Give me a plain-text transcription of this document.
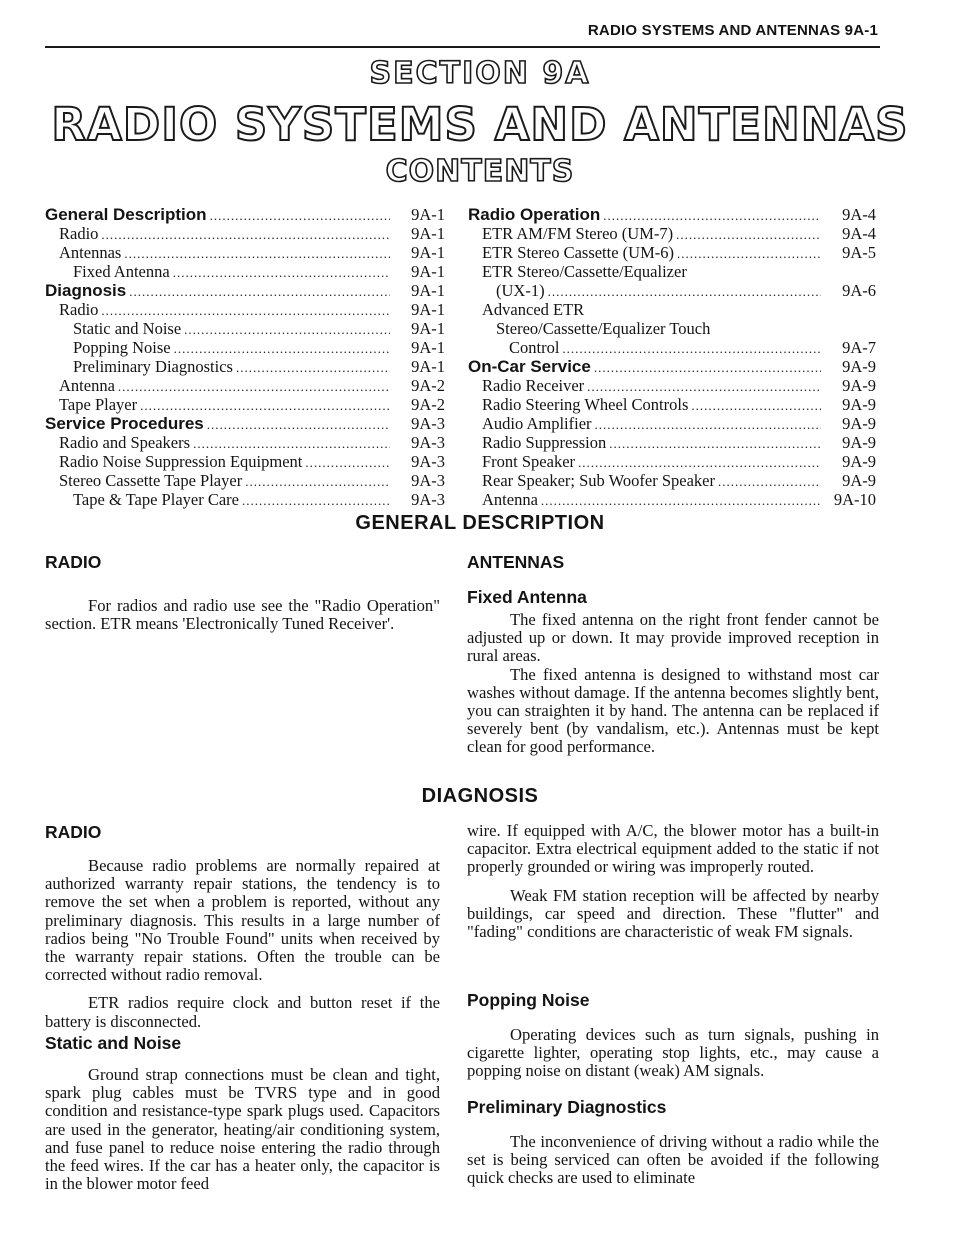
RADIO SYSTEMS AND ANTENNAS 9A-1
SECTION 9A
RADIO SYSTEMS AND ANTENNAS
CONTENTS
General Description .....	9A-1
Radio .....	9A-1
Antennas .....	9A-1
Fixed Antenna .....	9A-1
Diagnosis .....	9A-1
Radio .....	9A-1
Static and Noise .....	9A-1
Popping Noise .....	9A-1
Preliminary Diagnostics .....	9A-1
Antenna .....	9A-2
Tape Player .....	9A-2
Service Procedures .....	9A-3
Radio and Speakers .....	9A-3
Radio Noise Suppression Equipment .....	9A-3
Stereo Cassette Tape Player .....	9A-3
Tape & Tape Player Care .....	9A-3
Radio Operation .....	9A-4
ETR AM/FM Stereo (UM-7) .....	9A-4
ETR Stereo Cassette (UM-6) .....	9A-5
ETR Stereo/Cassette/Equalizer
(UX-1) .....	9A-6
Advanced ETR
Stereo/Cassette/Equalizer Touch
Control .....	9A-7
On-Car Service .....	9A-9
Radio Receiver .....	9A-9
Radio Steering Wheel Controls .....	9A-9
Audio Amplifier .....	9A-9
Radio Suppression .....	9A-9
Front Speaker .....	9A-9
Rear Speaker; Sub Woofer Speaker .....	9A-9
Antenna .....	9A-10
GENERAL DESCRIPTION
RADIO

For radios and radio use see the "Radio Operation" section. ETR means 'Electronically Tuned Receiver'.

ANTENNAS
Fixed Antenna

The fixed antenna on the right front fender cannot be adjusted up or down. It may provide improved reception in rural areas.

The fixed antenna is designed to withstand most car washes without damage. If the antenna becomes slightly bent, you can straighten it by hand. The antenna can be replaced if severely bent (by vandalism, etc.). Antennas must be kept clean for good performance.

DIAGNOSIS
RADIO

Because radio problems are normally repaired at authorized warranty repair stations, the tendency is to remove the set when a problem is reported, without any preliminary diagnosis. This results in a large number of radios being "No Trouble Found" units when received by the warranty repair stations. Often the trouble can be corrected without radio removal.

ETR radios require clock and button reset if the battery is disconnected.

Static and Noise

Ground strap connections must be clean and tight, spark plug cables must be TVRS type and in good condition and resistance-type spark plugs used. Capacitors are used in the generator, heating/air conditioning system, and fuse panel to reduce noise entering the radio through the feed wires. If the car has a heater only, the capacitor is in the blower motor feed

wire. If equipped with A/C, the blower motor has a built-in capacitor. Extra electrical equipment added to the static if not properly grounded or wiring was improperly routed.

Weak FM station reception will be affected by nearby buildings, car speed and direction. These "flutter" and "fading" conditions are characteristic of weak FM signals.

Popping Noise

Operating devices such as turn signals, pushing in cigarette lighter, operating stop lights, etc., may cause a popping noise on distant (weak) AM signals.

Preliminary Diagnostics

The inconvenience of driving without a radio while the set is being serviced can often be avoided if the following quick checks are used to eliminate
